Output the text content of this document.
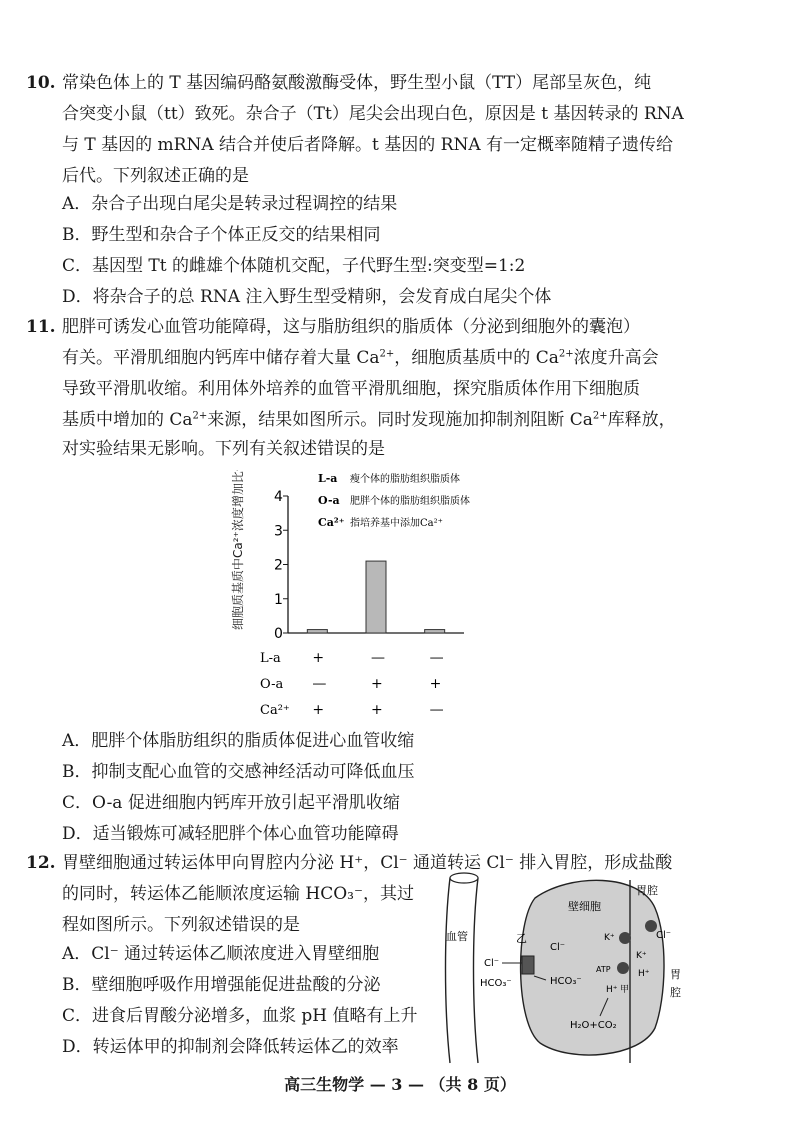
10. 常染色体上的 T 基因编码酪氨酸激酶受体，野生型小鼠（TT）尾部呈灰色，纯
合突变小鼠（tt）致死。杂合子（Tt）尾尖会出现白色，原因是 t 基因转录的 RNA
与 T 基因的 mRNA 结合并使后者降解。t 基因的 RNA 有一定概率随精子遗传给
后代。下列叙述正确的是
A．杂合子出现白尾尖是转录过程调控的结果
B．野生型和杂合子个体正反交的结果相同
C．基因型 Tt 的雌雄个体随机交配，子代野生型:突变型=1:2
D．将杂合子的总 RNA 注入野生型受精卵，会发育成白尾尖个体
11. 肥胖可诱发心血管功能障碍，这与脂肪组织的脂质体（分泌到细胞外的囊泡）
有关。平滑肌细胞内钙库中储存着大量 $Ca^{2+}$，细胞质基质中的 $Ca^{2+}$浓度升高会
导致平滑肌收缩。利用体外培养的血管平滑肌细胞，探究脂质体作用下细胞质
基质中增加的 $Ca^{2+}$来源，结果如图所示。同时发现施加抑制剂阻断 $Ca^{2+}$库释放，
对实验结果无影响。下列有关叙述错误的是
细胞质基质中Ca²⁺浓度增加比例
0
1
2
3
4
L-a 瘦个体的脂肪组织脂质体
O-a 肥胖个体的脂肪组织脂质体
Ca²⁺ 指培养基中添加Ca²⁺
L-a +	—	—
O-a —	+	+
Ca²⁺ +	+	—
A．肥胖个体脂肪组织的脂质体促进心血管收缩
B．抑制支配心血管的交感神经活动可降低血压
C．O-a 促进细胞内钙库开放引起平滑肌收缩
D．适当锻炼可减轻肥胖个体心血管功能障碍
12. 胃壁细胞通过转运体甲向胃腔内分泌 H⁺，Cl⁻ 通道转运 Cl⁻ 排入胃腔，形成盐酸
的同时，转运体乙能顺浓度运输 HCO₃⁻，其过
程如图所示。下列叙述错误的是
A．Cl⁻ 通过转运体乙顺浓度进入胃壁细胞
B．壁细胞呼吸作用增强能促进盐酸的分泌
C．进食后胃酸分泌增多，血浆 pH 值略有上升
D．转运体甲的抑制剂会降低转运体乙的效率
血管
壁细胞
胃腔
胃腔
乙
Cl⁻
HCO₃⁻
Cl⁻
HCO₃⁻
K⁺
K⁺
Cl⁻
ATP	H⁺
H⁺ 甲
H₂O+CO₂
高三生物学 — 3 — （共 8 页）
